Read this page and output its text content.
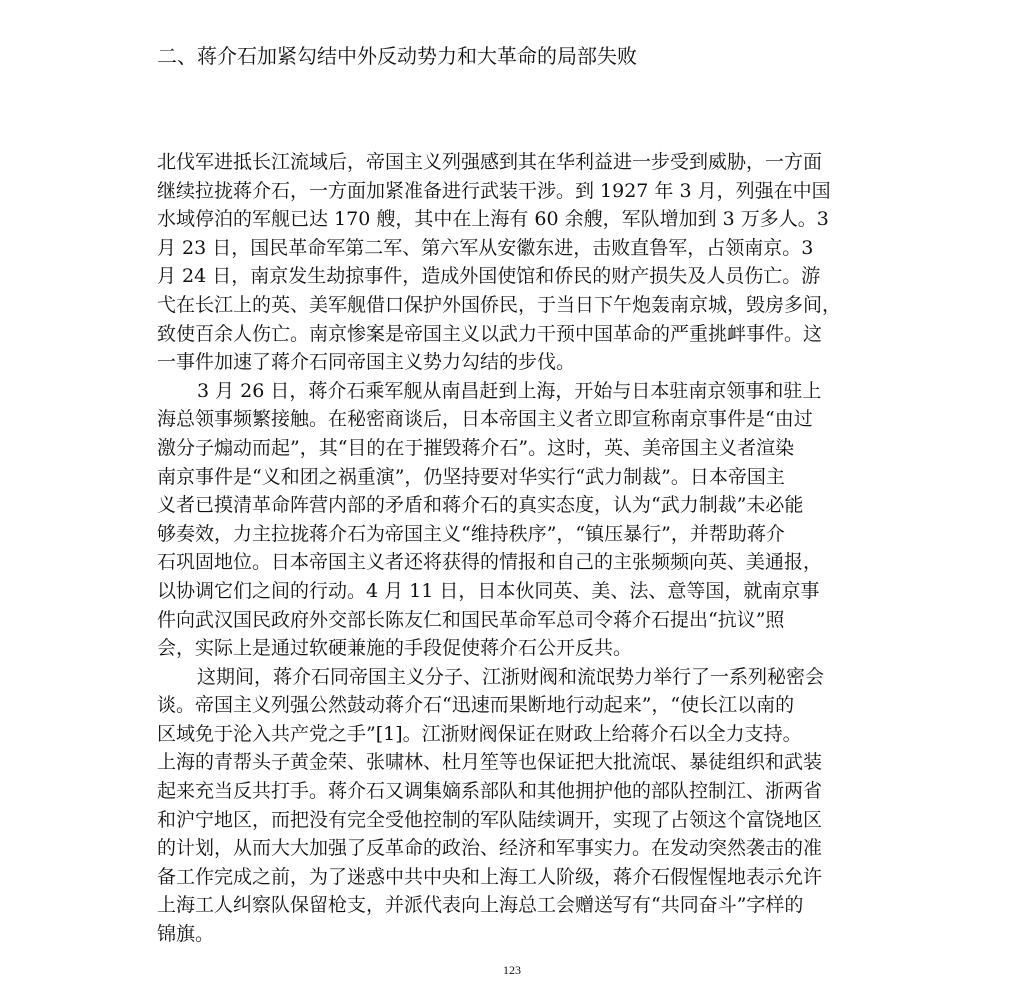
二、蒋介石加紧勾结中外反动势力和大革命的局部失败
北伐军进抵长江流域后，帝国主义列强感到其在华利益进一步受到威胁，一方面
继续拉拢蒋介石，一方面加紧准备进行武装干涉。到 1927 年 3 月，列强在中国
水域停泊的军舰已达 170 艘，其中在上海有 60 余艘，军队增加到 3 万多人。3
月 23 日，国民革命军第二军、第六军从安徽东进，击败直鲁军，占领南京。3
月 24 日，南京发生劫掠事件，造成外国使馆和侨民的财产损失及人员伤亡。游
弋在长江上的英、美军舰借口保护外国侨民，于当日下午炮轰南京城，毁房多间，
致使百余人伤亡。南京惨案是帝国主义以武力干预中国革命的严重挑衅事件。这
一事件加速了蒋介石同帝国主义势力勾结的步伐。
3 月 26 日，蒋介石乘军舰从南昌赶到上海，开始与日本驻南京领事和驻上
海总领事频繁接触。在秘密商谈后，日本帝国主义者立即宣称南京事件是“由过
激分子煽动而起”，其“目的在于摧毁蒋介石”。这时，英、美帝国主义者渲染
南京事件是“义和团之祸重演”，仍坚持要对华实行“武力制裁”。日本帝国主
义者已摸清革命阵营内部的矛盾和蒋介石的真实态度，认为“武力制裁”未必能
够奏效，力主拉拢蒋介石为帝国主义“维持秩序”，“镇压暴行”，并帮助蒋介
石巩固地位。日本帝国主义者还将获得的情报和自己的主张频频向英、美通报，
以协调它们之间的行动。4 月 11 日，日本伙同英、美、法、意等国，就南京事
件向武汉国民政府外交部长陈友仁和国民革命军总司令蒋介石提出“抗议”照
会，实际上是通过软硬兼施的手段促使蒋介石公开反共。
这期间，蒋介石同帝国主义分子、江浙财阀和流氓势力举行了一系列秘密会
谈。帝国主义列强公然鼓动蒋介石“迅速而果断地行动起来”，“使长江以南的
区域免于沦入共产党之手”[1]。江浙财阀保证在财政上给蒋介石以全力支持。
上海的青帮头子黄金荣、张啸林、杜月笙等也保证把大批流氓、暴徒组织和武装
起来充当反共打手。蒋介石又调集嫡系部队和其他拥护他的部队控制江、浙两省
和沪宁地区，而把没有完全受他控制的军队陆续调开，实现了占领这个富饶地区
的计划，从而大大加强了反革命的政治、经济和军事实力。在发动突然袭击的准
备工作完成之前，为了迷惑中共中央和上海工人阶级，蒋介石假惺惺地表示允许
上海工人纠察队保留枪支，并派代表向上海总工会赠送写有“共同奋斗”字样的
锦旗。
123
